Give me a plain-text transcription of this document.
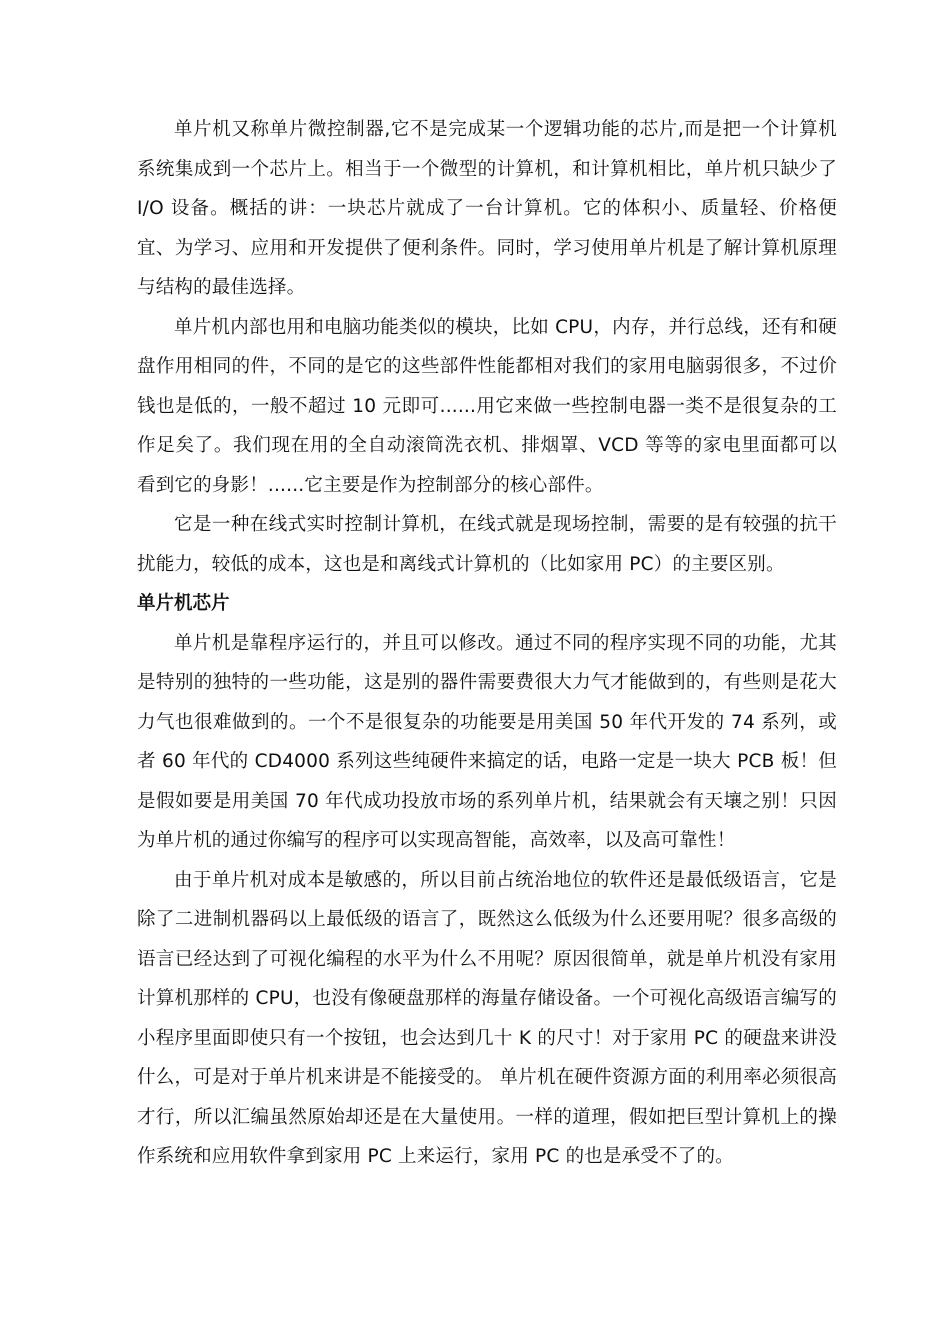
单片机又称单片微控制器,它不是完成某一个逻辑功能的芯片,而是把一个计算机系统集成到一个芯片上。相当于一个微型的计算机，和计算机相比，单片机只缺少了 I/O 设备。概括的讲：一块芯片就成了一台计算机。它的体积小、质量轻、价格便宜、为学习、应用和开发提供了便利条件。同时，学习使用单片机是了解计算机原理与结构的最佳选择。

单片机内部也用和电脑功能类似的模块，比如 CPU，内存，并行总线，还有和硬盘作用相同的件，不同的是它的这些部件性能都相对我们的家用电脑弱很多，不过价钱也是低的，一般不超过 10 元即可......用它来做一些控制电器一类不是很复杂的工作足矣了。我们现在用的全自动滚筒洗衣机、排烟罩、VCD 等等的家电里面都可以看到它的身影！......它主要是作为控制部分的核心部件。

它是一种在线式实时控制计算机，在线式就是现场控制，需要的是有较强的抗干扰能力，较低的成本，这也是和离线式计算机的（比如家用 PC）的主要区别。

单片机芯片

单片机是靠程序运行的，并且可以修改。通过不同的程序实现不同的功能，尤其是特别的独特的一些功能，这是别的器件需要费很大力气才能做到的，有些则是花大力气也很难做到的。一个不是很复杂的功能要是用美国 50 年代开发的 74 系列，或者 60 年代的 CD4000 系列这些纯硬件来搞定的话，电路一定是一块大 PCB 板！但是假如要是用美国 70 年代成功投放市场的系列单片机，结果就会有天壤之别！只因为单片机的通过你编写的程序可以实现高智能，高效率，以及高可靠性！

由于单片机对成本是敏感的，所以目前占统治地位的软件还是最低级语言，它是除了二进制机器码以上最低级的语言了，既然这么低级为什么还要用呢？很多高级的语言已经达到了可视化编程的水平为什么不用呢？原因很简单，就是单片机没有家用计算机那样的 CPU，也没有像硬盘那样的海量存储设备。一个可视化高级语言编写的小程序里面即使只有一个按钮，也会达到几十 K 的尺寸！对于家用 PC 的硬盘来讲没什么，可是对于单片机来讲是不能接受的。 单片机在硬件资源方面的利用率必须很高才行，所以汇编虽然原始却还是在大量使用。一样的道理，假如把巨型计算机上的操作系统和应用软件拿到家用 PC 上来运行，家用 PC 的也是承受不了的。
